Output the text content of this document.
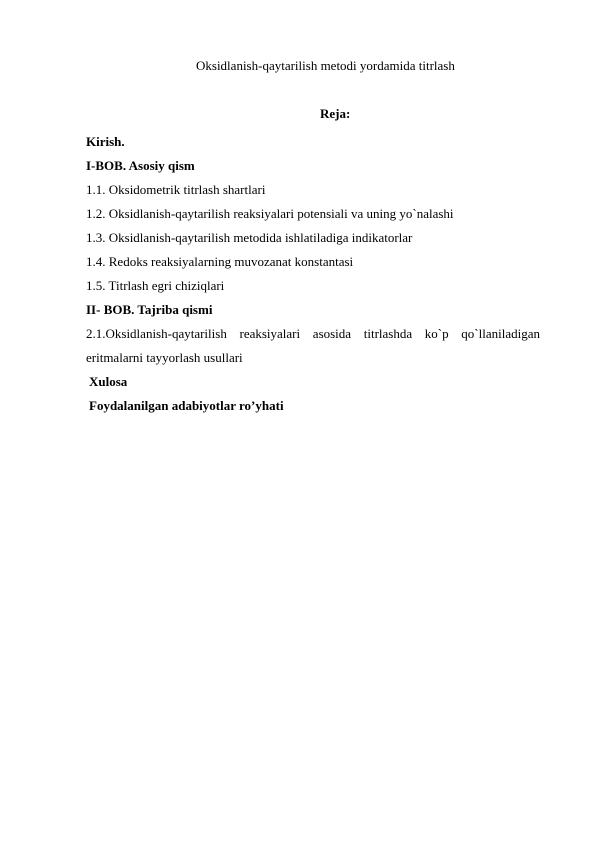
Oksidlanish-qaytarilish metodi yordamida titrlash
Reja:
Kirish.
I-BOB. Asosiy qism
1.1. Oksidometrik titrlash shartlari
1.2. Oksidlanish-qaytarilish reaksiyalari potensiali va uning yo`nalashi
1.3. Oksidlanish-qaytarilish metodida ishlatiladiga indikatorlar
1.4. Redoks reaksiyalarning muvozanat konstantasi
1.5. Titrlash egri chiziqlari
II- BOB. Tajriba qismi
2.1.Oksidlanish-qaytarilish reaksiyalari asosida titrlashda ko`p qo`llaniladigan
eritmalarni tayyorlash usullari
Xulosa
Foydalanilgan adabiyotlar ro’yhati
